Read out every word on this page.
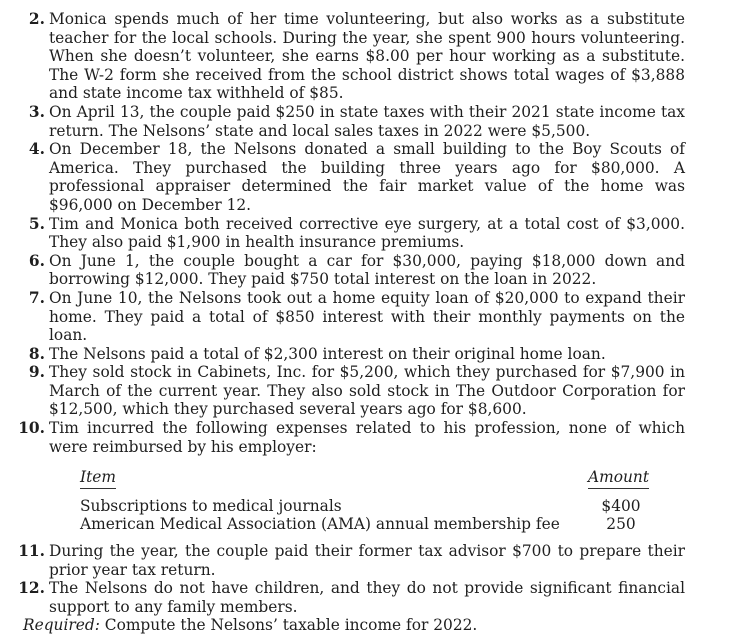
2. Monica spends much of her time volunteering, but also works as a substitute teacher for the local schools. During the year, she spent 900 hours volunteering. When she doesn’t volunteer, she earns $8.00 per hour working as a substitute. The W-2 form she received from the school district shows total wages of $3,888 and state income tax withheld of $85.
3. On April 13, the couple paid $250 in state taxes with their 2021 state income tax return. The Nelsons’ state and local sales taxes in 2022 were $5,500.
4. On December 18, the Nelsons donated a small building to the Boy Scouts of America. They purchased the building three years ago for $80,000. A professional appraiser determined the fair market value of the home was $96,000 on December 12.
5. Tim and Monica both received corrective eye surgery, at a total cost of $3,000. They also paid $1,900 in health insurance premiums.
6. On June 1, the couple bought a car for $30,000, paying $18,000 down and borrowing $12,000. They paid $750 total interest on the loan in 2022.
7. On June 10, the Nelsons took out a home equity loan of $20,000 to expand their home. They paid a total of $850 interest with their monthly payments on the loan.
8. The Nelsons paid a total of $2,300 interest on their original home loan.
9. They sold stock in Cabinets, Inc. for $5,200, which they purchased for $7,900 in March of the current year. They also sold stock in The Outdoor Corporation for $12,500, which they purchased several years ago for $8,600.
10. Tim incurred the following expenses related to his profession, none of which were reimbursed by his employer:
Item	Amount
Subscriptions to medical journals	$400
American Medical Association (AMA) annual membership fee	250
11. During the year, the couple paid their former tax advisor $700 to prepare their prior year tax return.
12. The Nelsons do not have children, and they do not provide significant financial support to any family members.
Required: Compute the Nelsons’ taxable income for 2022.
